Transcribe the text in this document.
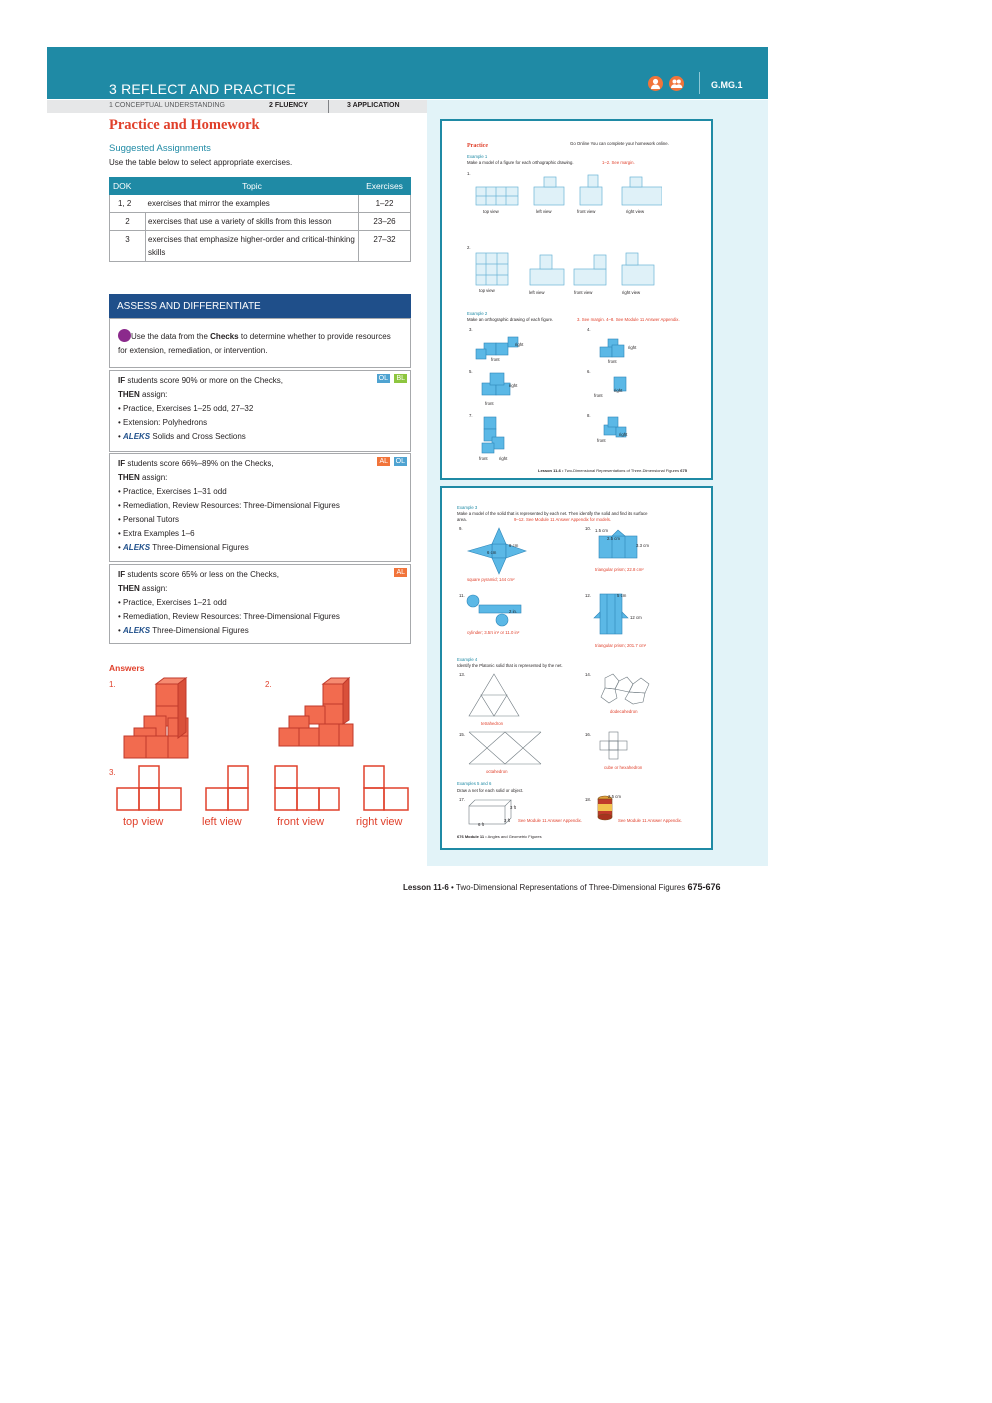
3 REFLECT AND PRACTICE	G.MG.1
1 CONCEPTUAL UNDERSTANDING	2 FLUENCY	3 APPLICATION
Practice and Homework
Suggested Assignments
Use the table below to select appropriate exercises.
DOK	Topic	Exercises
1, 2	exercises that mirror the examples	1–22
2	exercises that use a variety of skills from this lesson	23–26
3	exercises that emphasize higher-order and critical-thinking skills	27–32
ASSESS AND DIFFERENTIATE
Use the data from the Checks to determine whether to provide resources for extension, remediation, or intervention.
IF students score 90% or more on the Checks,
THEN assign:
• Practice, Exercises 1–25 odd, 27–32
• Extension: Polyhedrons
• ALEKS Solids and Cross Sections
OL BL
IF students score 66%–89% on the Checks,
THEN assign:
• Practice, Exercises 1–31 odd
• Remediation, Review Resources: Three-Dimensional Figures
• Personal Tutors
• Extra Examples 1–6
• ALEKS Three-Dimensional Figures
AL OL
IF students score 65% or less on the Checks,
THEN assign:
• Practice, Exercises 1–21 odd
• Remediation, Review Resources: Three-Dimensional Figures
• ALEKS Three-Dimensional Figures
AL
Answers
1.	2.
3.
top view	left view	front view	right view
Practice	Go Online You can complete your homework online.
Example 1
Make a model of a figure for each orthographic drawing.	1–2. See margin.
1.
top view	left view	front view	right view
2.
top view	left view	front view	right view
Example 2
Make an orthographic drawing of each figure.	3. See margin. 4–8. See Module 11 Answer Appendix.
3.	4.
5.	6.
7.	8.
front
right
front
right
front
right
front
right
front	right
front
right
Lesson 11-6 • Two-Dimensional Representations of Three-Dimensional Figures 675
Example 3
Make a model of the solid that is represented by each net. Then identify the solid and find its surface area.	9–12. See Module 11 Answer Appendix for models.
9.	10.
9 cm
6 cm
square pyramid; 144 cm²
1.5 cm
2.5 cm
3.3 cm
triangular prism; 22.8 cm²
11.	12.
2 in.
cylinder; 3.5π in² or 11.0 in²
5 cm
12 cm
triangular prism; 201.7 cm²
Example 4
Identify the Platonic solid that is represented by the net.
13.	14.
tetrahedron
dodecahedron
15.	16.
octahedron
cube or hexahedron
Examples 5 and 6
Draw a net for each solid or object.
17.	18.
3 ft
3 ft
6 ft
See Module 11 Answer Appendix.
2.5 cm
See Module 11 Answer Appendix.
676 Module 11 • Angles and Geometric Figures
Lesson 11-6 • Two-Dimensional Representations of Three-Dimensional Figures 675-676
